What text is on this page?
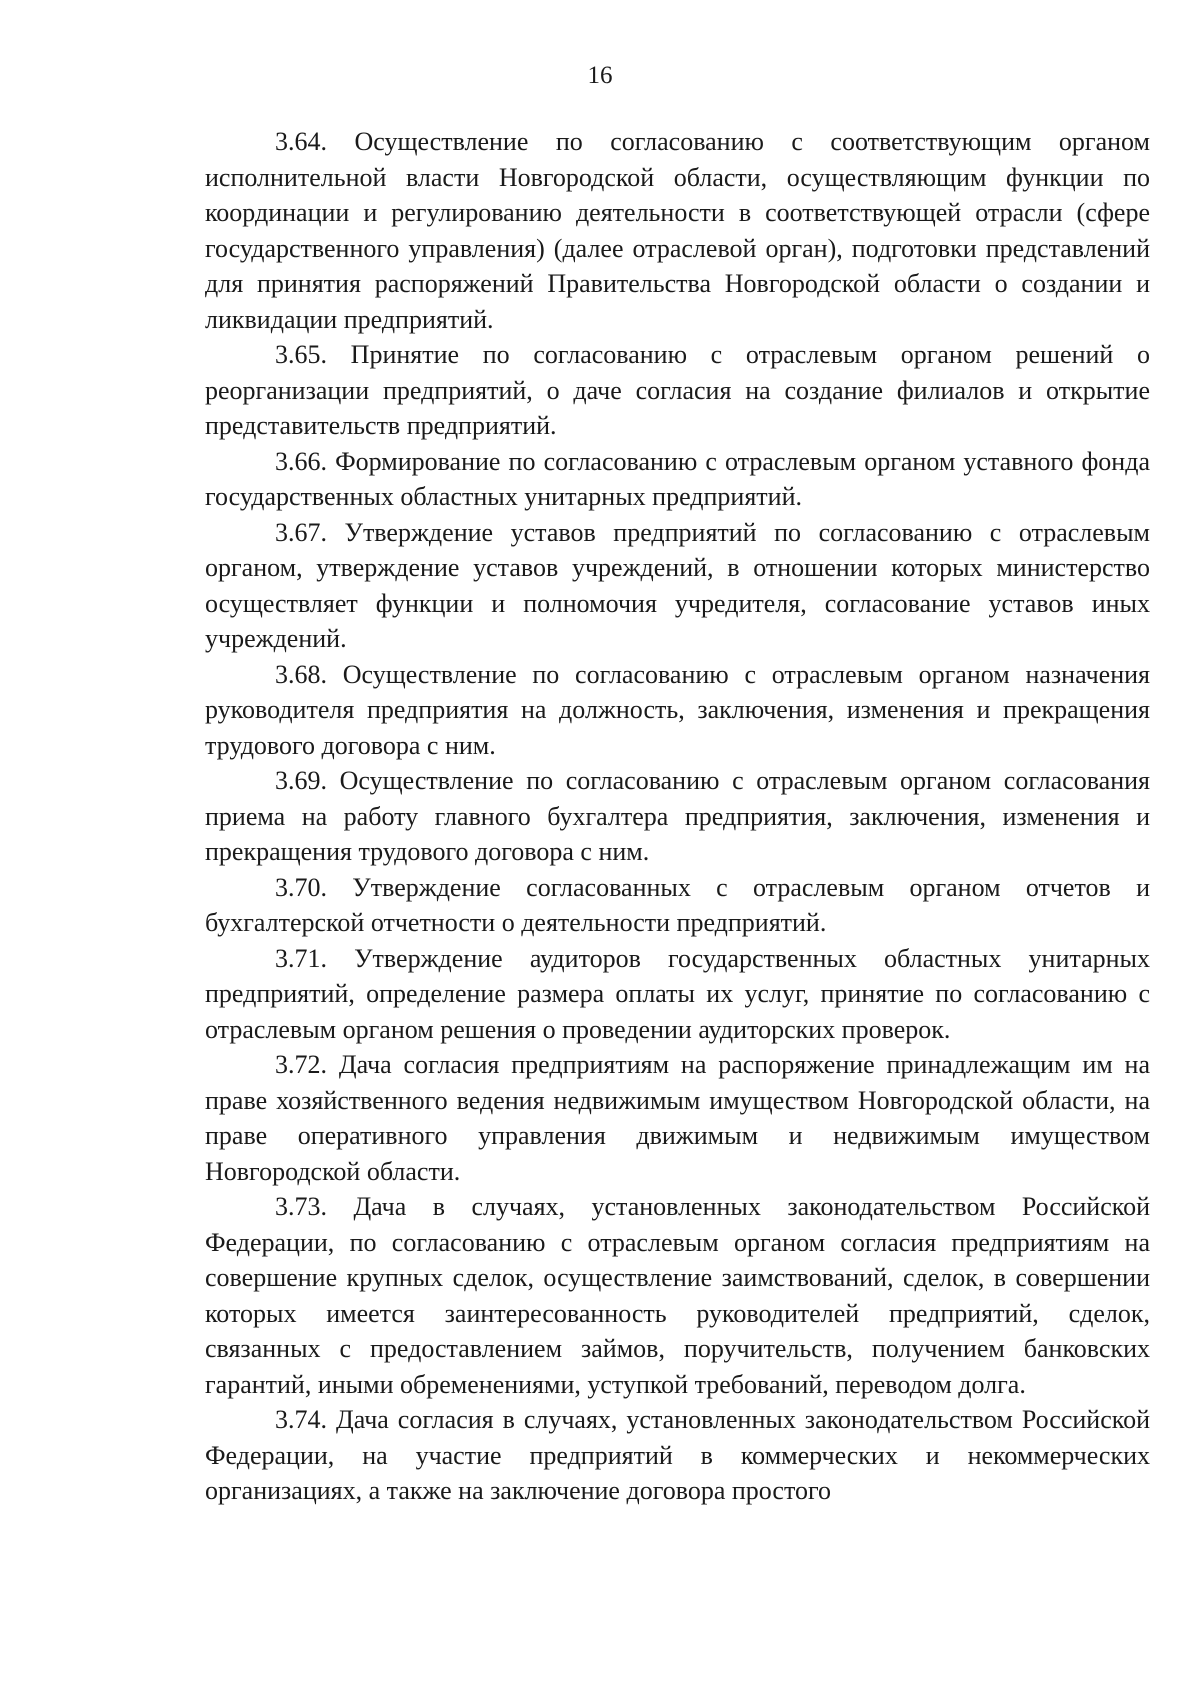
16

3.64. Осуществление по согласованию с соответствующим органом исполнительной власти Новгородской области, осуществляющим функции по координации и регулированию деятельности в соответствующей отрасли (сфере государственного управления) (далее отраслевой орган), подготовки представлений для принятия распоряжений Правительства Новгородской области о создании и ликвидации предприятий.

3.65. Принятие по согласованию с отраслевым органом решений о реорганизации предприятий, о даче согласия на создание филиалов и открытие представительств предприятий.

3.66. Формирование по согласованию с отраслевым органом уставного фонда государственных областных унитарных предприятий.

3.67. Утверждение уставов предприятий по согласованию с отраслевым органом, утверждение уставов учреждений, в отношении которых министерство осуществляет функции и полномочия учредителя, согласование уставов иных учреждений.

3.68. Осуществление по согласованию с отраслевым органом назначения руководителя предприятия на должность, заключения, изменения и прекращения трудового договора с ним.

3.69. Осуществление по согласованию с отраслевым органом согласования приема на работу главного бухгалтера предприятия, заключения, изменения и прекращения трудового договора с ним.

3.70. Утверждение согласованных с отраслевым органом отчетов и бухгалтерской отчетности о деятельности предприятий.

3.71. Утверждение аудиторов государственных областных унитарных предприятий, определение размера оплаты их услуг, принятие по согласованию с отраслевым органом решения о проведении аудиторских проверок.

3.72. Дача согласия предприятиям на распоряжение принадлежащим им на праве хозяйственного ведения недвижимым имуществом Новгородской области, на праве оперативного управления движимым и недвижимым имуществом Новгородской области.

3.73. Дача в случаях, установленных законодательством Российской Федерации, по согласованию с отраслевым органом согласия предприятиям на совершение крупных сделок, осуществление заимствований, сделок, в совершении которых имеется заинтересованность руководителей предприятий, сделок, связанных с предоставлением займов, поручительств, получением банковских гарантий, иными обременениями, уступкой требований, переводом долга.

3.74. Дача согласия в случаях, установленных законодательством Российской Федерации, на участие предприятий в коммерческих и некоммерческих организациях, а также на заключение договора простого
